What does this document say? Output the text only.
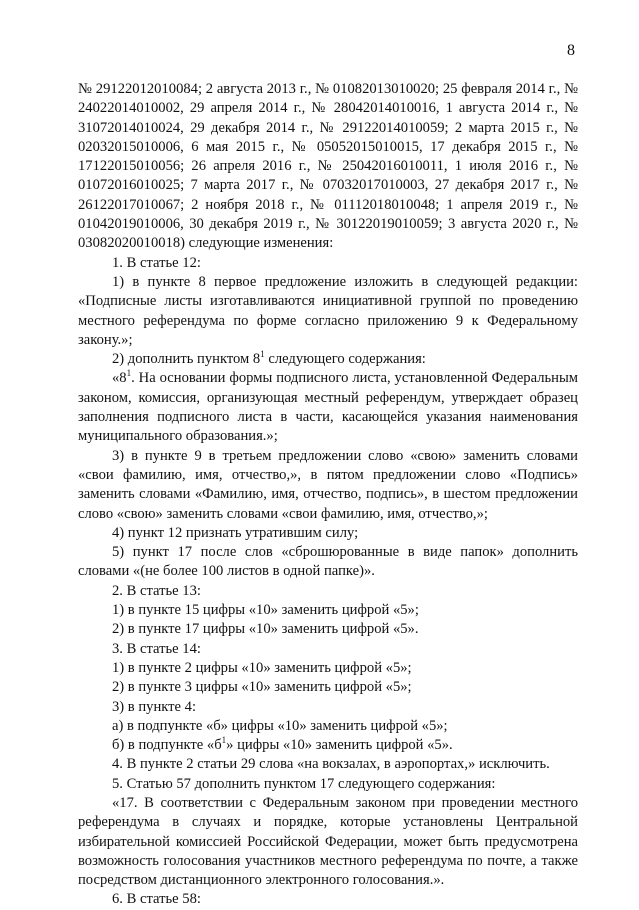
8

№ 29122012010084; 2 августа 2013 г., № 01082013010020; 25 февраля 2014 г., № 24022014010002, 29 апреля 2014 г., № 28042014010016, 1 августа 2014 г., № 31072014010024, 29 декабря 2014 г., № 29122014010059; 2 марта 2015 г., № 02032015010006, 6 мая 2015 г., № 05052015010015, 17 декабря 2015 г., № 17122015010056; 26 апреля 2016 г., № 25042016010011, 1 июля 2016 г., № 01072016010025; 7 марта 2017 г., № 07032017010003, 27 декабря 2017 г., № 26122017010067; 2 ноября 2018 г., № 01112018010048; 1 апреля 2019 г., № 01042019010006, 30 декабря 2019 г., № 30122019010059; 3 августа 2020 г., № 03082020010018) следующие изменения:

1. В статье 12:

1) в пункте 8 первое предложение изложить в следующей редакции: «Подписные листы изготавливаются инициативной группой по проведению местного референдума по форме согласно приложению 9 к Федеральному закону.»;

2) дополнить пунктом $8^1$ следующего содержания:

«$8^1$. На основании формы подписного листа, установленной Федеральным законом, комиссия, организующая местный референдум, утверждает образец заполнения подписного листа в части, касающейся указания наименования муниципального образования.»;

3) в пункте 9 в третьем предложении слово «свою» заменить словами «свои фамилию, имя, отчество,», в пятом предложении слово «Подпись» заменить словами «Фамилию, имя, отчество, подпись», в шестом предложении слово «свою» заменить словами «свои фамилию, имя, отчество,»;

4) пункт 12 признать утратившим силу;

5) пункт 17 после слов «сброшюрованные в виде папок» дополнить словами «(не более 100 листов в одной папке)».

2. В статье 13:

1) в пункте 15 цифры «10» заменить цифрой «5»;

2) в пункте 17 цифры «10» заменить цифрой «5».

3. В статье 14:

1) в пункте 2 цифры «10» заменить цифрой «5»;

2) в пункте 3 цифры «10» заменить цифрой «5»;

3) в пункте 4:

а) в подпункте «б» цифры «10» заменить цифрой «5»;

б) в подпункте «$б^1$» цифры «10» заменить цифрой «5».

4. В пункте 2 статьи 29 слова «на вокзалах, в аэропортах,» исключить.

5. Статью 57 дополнить пунктом 17 следующего содержания:

«17. В соответствии с Федеральным законом при проведении местного референдума в случаях и порядке, которые установлены Центральной избирательной комиссией Российской Федерации, может быть предусмотрена возможность голосования участников местного референдума по почте, а также посредством дистанционного электронного голосования.».

6. В статье 58:
